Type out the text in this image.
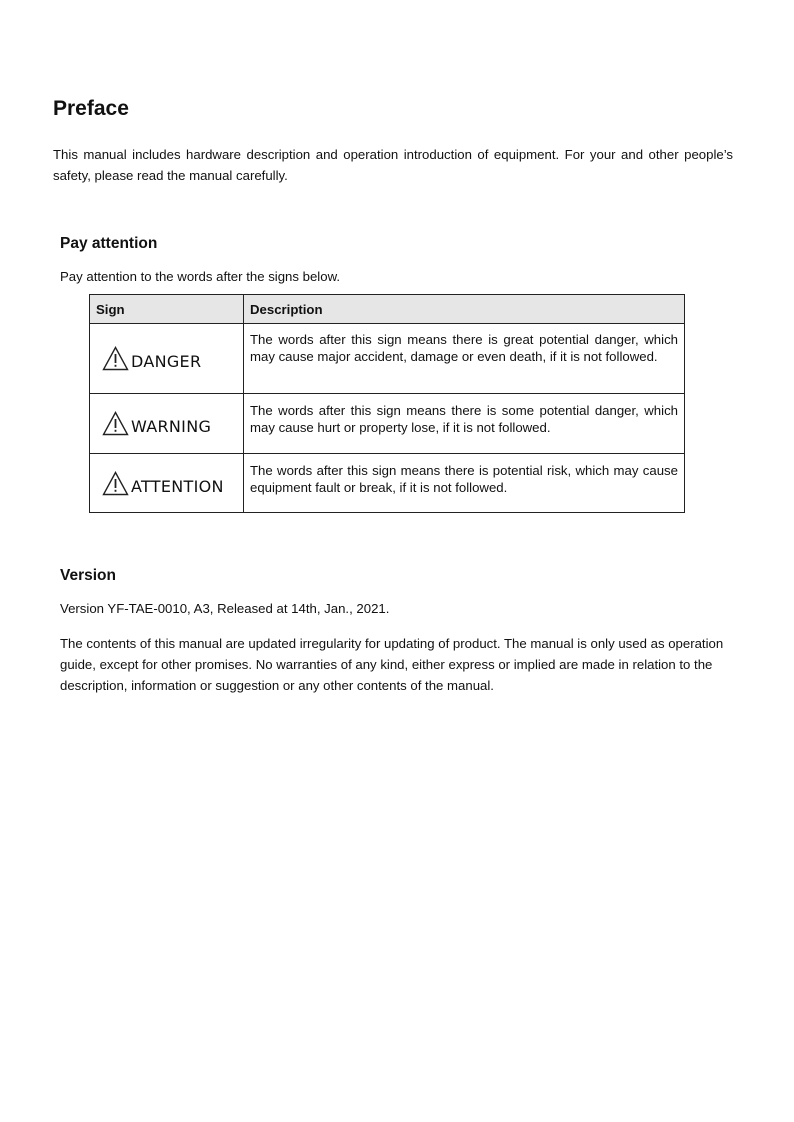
Preface

This manual includes hardware description and operation introduction of equipment. For your and other people’s safety, please read the manual carefully.

Pay attention

Pay attention to the words after the signs below.

Sign	Description

DANGER	The words after this sign means there is great potential danger, which may cause major accident, damage or even death, if it is not followed.

WARNING	The words after this sign means there is some potential danger, which may cause hurt or property lose, if it is not followed.

ATTENTION	The words after this sign means there is potential risk, which may cause equipment fault or break, if it is not followed.
Version

Version YF-TAE-0010, A3, Released at 14th, Jan., 2021.

The contents of this manual are updated irregularity for updating of product. The manual is only used as operation guide, except for other promises. No warranties of any kind, either express or implied are made in relation to the description, information or suggestion or any other contents of the manual.
